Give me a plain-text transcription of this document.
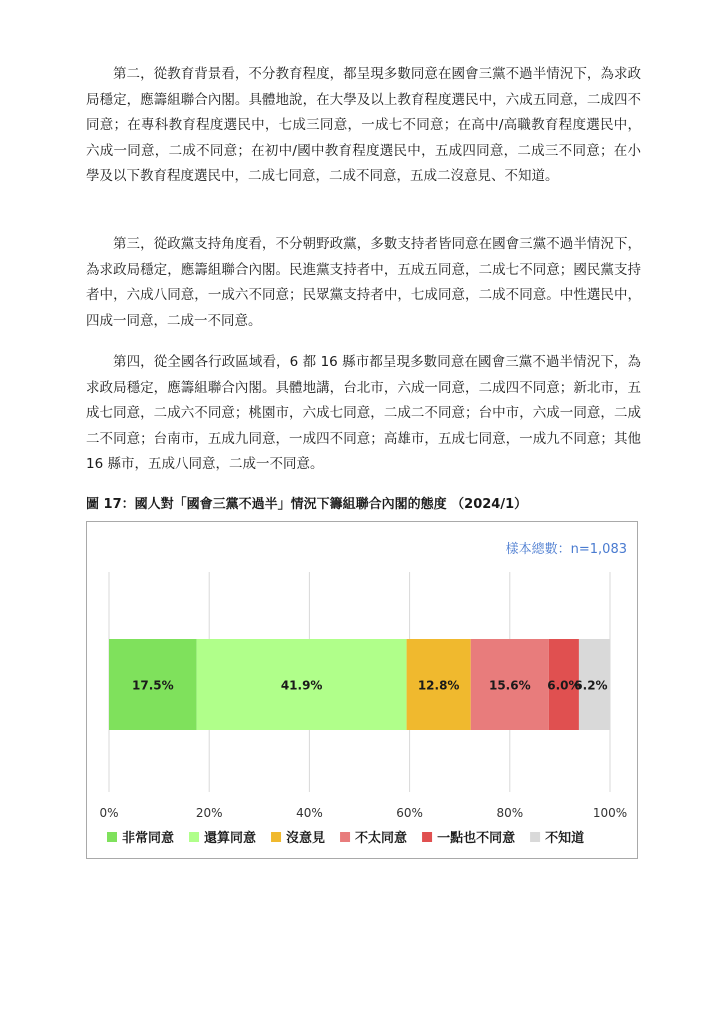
第二，從教育背景看，不分教育程度，都呈現多數同意在國會三黨不過半情況下，為求政局穩定，應籌組聯合內閣。具體地說，在大學及以上教育程度選民中，六成五同意，二成四不同意；在專科教育程度選民中，七成三同意，一成七不同意；在高中/高職教育程度選民中，六成一同意，二成不同意；在初中/國中教育程度選民中，五成四同意，二成三不同意；在小學及以下教育程度選民中，二成七同意，二成不同意，五成二沒意見、不知道。

第三，從政黨支持角度看，不分朝野政黨，多數支持者皆同意在國會三黨不過半情況下，為求政局穩定，應籌組聯合內閣。民進黨支持者中，五成五同意，二成七不同意；國民黨支持者中，六成八同意，一成六不同意；民眾黨支持者中，七成同意，二成不同意。中性選民中，四成一同意，二成一不同意。

第四，從全國各行政區域看，6 都 16 縣市都呈現多數同意在國會三黨不過半情況下，為求政局穩定，應籌組聯合內閣。具體地講，台北市，六成一同意，二成四不同意；新北市，五成七同意，二成六不同意；桃園市，六成七同意，二成二不同意；台中市，六成一同意，二成二不同意；台南市，五成九同意，一成四不同意；高雄市，五成七同意，一成九不同意；其他 16 縣市，五成八同意，二成一不同意。

圖 17：國人對「國會三黨不過半」情況下籌組聯合內閣的態度 （2024/1）

樣本總數：n=1,083
17.5%	41.9%	12.8% 15.6% 6.0%
6.2%
0%	20%	40%	60%	80%	100%
非常同意 還算同意 沒意見 不太同意 一點也不同意 不知道
